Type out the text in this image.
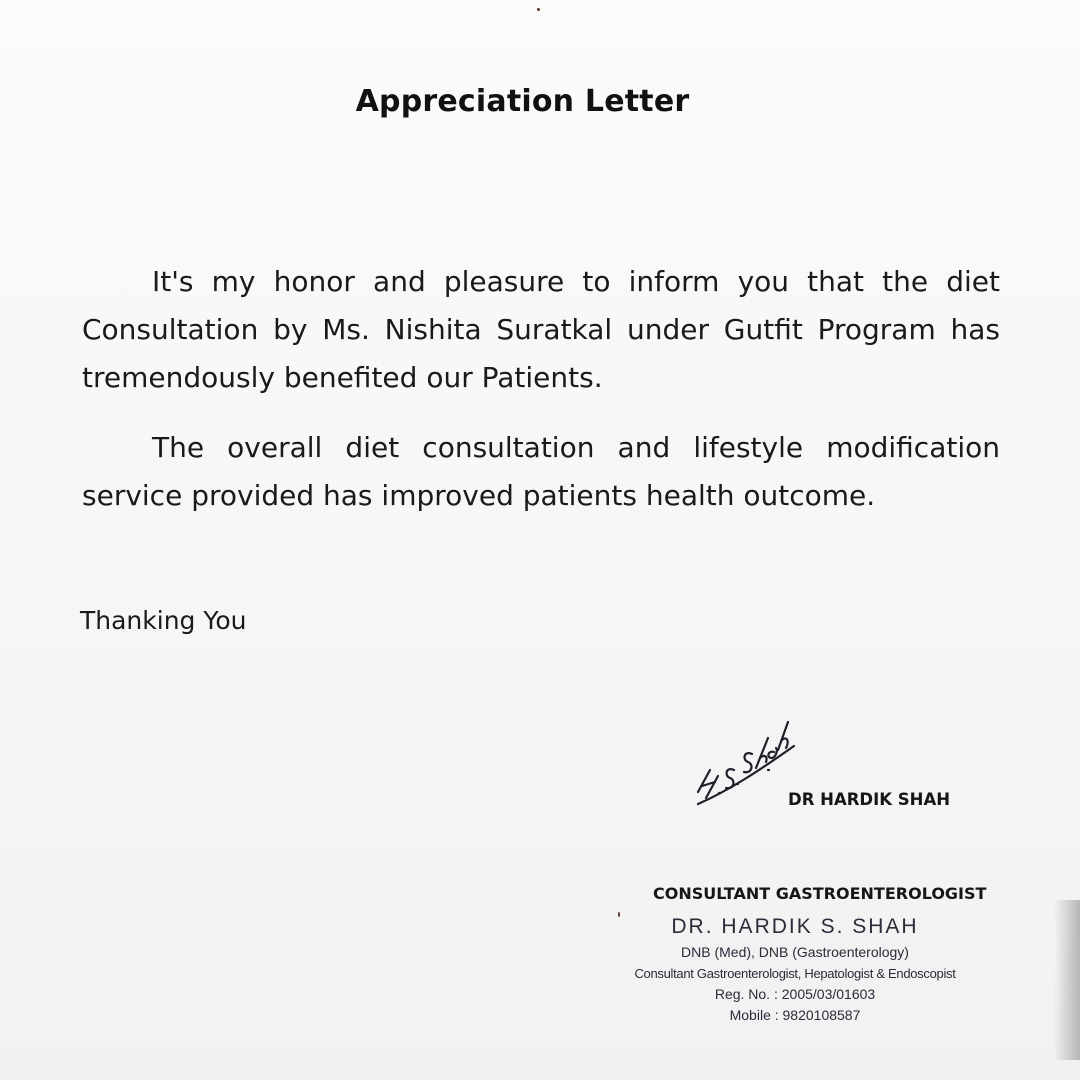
Appreciation Letter

It's my honor and pleasure to inform you that the diet Consultation by Ms. Nishita Suratkal under Gutfit Program has tremendously benefited our Patients.

The overall diet consultation and lifestyle modification service provided has improved patients health outcome.

Thanking You
DR HARDIK SHAH
CONSULTANT GASTROENTEROLOGIST
DR. HARDIK S. SHAH
DNB (Med), DNB (Gastroenterology)
Consultant Gastroenterologist, Hepatologist & Endoscopist
Reg. No. : 2005/03/01603
Mobile : 9820108587
